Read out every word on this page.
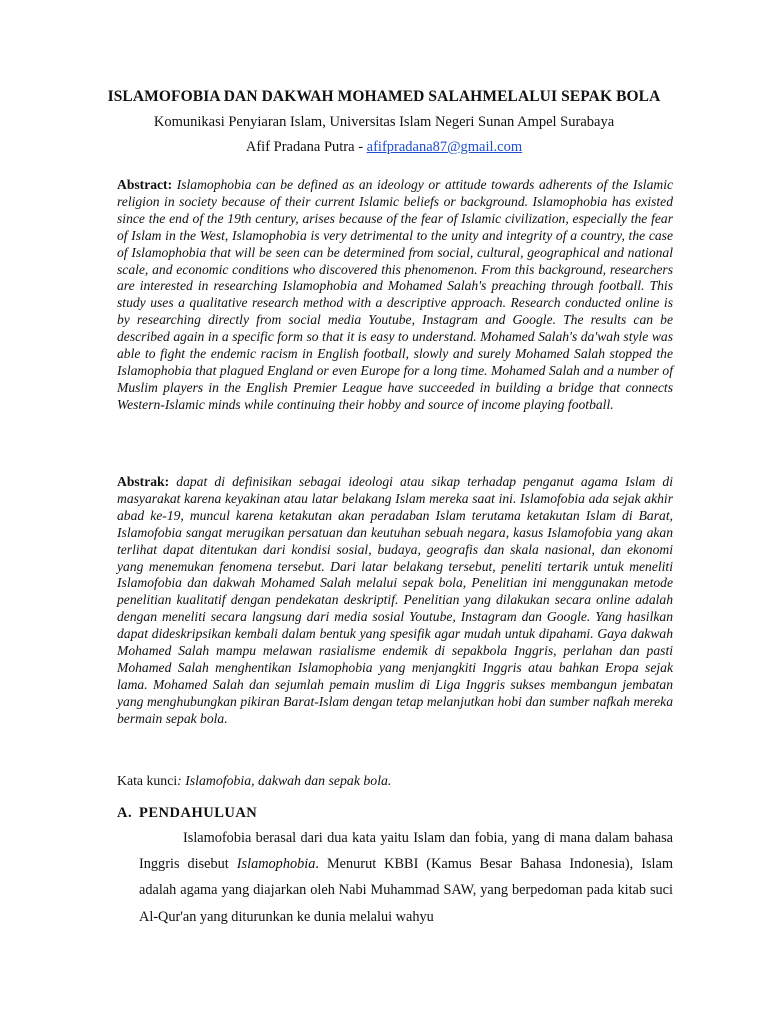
ISLAMOFOBIA DAN DAKWAH MOHAMED SALAHMELALUI SEPAK BOLA
Komunikasi Penyiaran Islam, Universitas Islam Negeri Sunan Ampel Surabaya
Afif Pradana Putra - afifpradana87@gmail.com

Abstract: Islamophobia can be defined as an ideology or attitude towards adherents of the Islamic religion in society because of their current Islamic beliefs or background. Islamophobia has existed since the end of the 19th century, arises because of the fear of Islamic civilization, especially the fear of Islam in the West, Islamophobia is very detrimental to the unity and integrity of a country, the case of Islamophobia that will be seen can be determined from social, cultural, geographical and national scale, and economic conditions who discovered this phenomenon. From this background, researchers are interested in researching Islamophobia and Mohamed Salah's preaching through football. This study uses a qualitative research method with a descriptive approach. Research conducted online is by researching directly from social media Youtube, Instagram and Google. The results can be described again in a specific form so that it is easy to understand. Mohamed Salah's da'wah style was able to fight the endemic racism in English football, slowly and surely Mohamed Salah stopped the Islamophobia that plagued England or even Europe for a long time. Mohamed Salah and a number of Muslim players in the English Premier League have succeeded in building a bridge that connects Western-Islamic minds while continuing their hobby and source of income playing football.

Abstrak: dapat di definisikan sebagai ideologi atau sikap terhadap penganut agama Islam di masyarakat karena keyakinan atau latar belakang Islam mereka saat ini. Islamofobia ada sejak akhir abad ke-19, muncul karena ketakutan akan peradaban Islam terutama ketakutan Islam di Barat, Islamofobia sangat merugikan persatuan dan keutuhan sebuah negara, kasus Islamofobia yang akan terlihat dapat ditentukan dari kondisi sosial, budaya, geografis dan skala nasional, dan ekonomi yang menemukan fenomena tersebut. Dari latar belakang tersebut, peneliti tertarik untuk meneliti Islamofobia dan dakwah Mohamed Salah melalui sepak bola, Penelitian ini menggunakan metode penelitian kualitatif dengan pendekatan deskriptif. Penelitian yang dilakukan secara online adalah dengan meneliti secara langsung dari media sosial Youtube, Instagram dan Google. Yang hasilkan dapat dideskripsikan kembali dalam bentuk yang spesifik agar mudah untuk dipahami. Gaya dakwah Mohamed Salah mampu melawan rasialisme endemik di sepakbola Inggris, perlahan dan pasti Mohamed Salah menghentikan Islamophobia yang menjangkiti Inggris atau bahkan Eropa sejak lama. Mohamed Salah dan sejumlah pemain muslim di Liga Inggris sukses membangun jembatan yang menghubungkan pikiran Barat-Islam dengan tetap melanjutkan hobi dan sumber nafkah mereka bermain sepak bola.

Kata kunci: Islamofobia, dakwah dan sepak bola.

A. PENDAHULUAN

Islamofobia berasal dari dua kata yaitu Islam dan fobia, yang di mana dalam bahasa Inggris disebut Islamophobia. Menurut KBBI (Kamus Besar Bahasa Indonesia), Islam adalah agama yang diajarkan oleh Nabi Muhammad SAW, yang berpedoman pada kitab suci Al-Qur'an yang diturunkan ke dunia melalui wahyu
